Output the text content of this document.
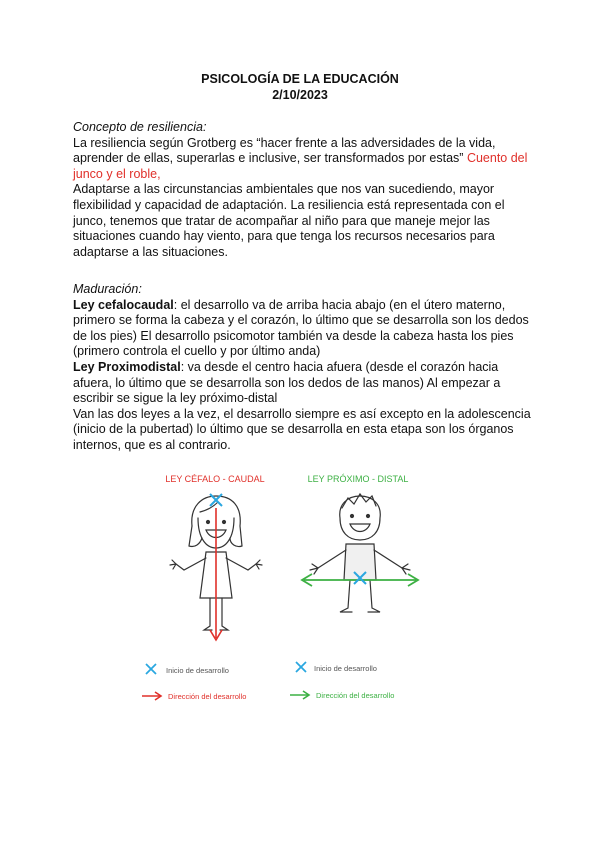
PSICOLOGÍA DE LA EDUCACIÓN
2/10/2023

Concepto de resiliencia:

La resiliencia según Grotberg es “hacer frente a las adversidades de la vida, aprender de ellas, superarlas e inclusive, ser transformados por estas” Cuento del junco y el roble,

Adaptarse a las circunstancias ambientales que nos van sucediendo, mayor flexibilidad y capacidad de adaptación. La resiliencia está representada con el junco, tenemos que tratar de acompañar al niño para que maneje mejor las situaciones cuando hay viento, para que tenga los recursos necesarios para adaptarse a las situaciones.

Maduración:

Ley cefalocaudal: el desarrollo va de arriba hacia abajo (en el útero materno, primero se forma la cabeza y el corazón, lo último que se desarrolla son los dedos de los pies) El desarrollo psicomotor también va desde la cabeza hasta los pies (primero controla el cuello y por último anda)

Ley Proximodistal: va desde el centro hacia afuera (desde el corazón hacia afuera, lo último que se desarrolla son los dedos de las manos) Al empezar a escribir se sigue la ley próximo-distal

Van las dos leyes a la vez, el desarrollo siempre es así excepto en la adolescencia (inicio de la pubertad) lo último que se desarrolla en esta etapa son los órganos internos, que es al contrario.

LEY CÉFALO - CAUDAL	LEY PRÓXIMO - DISTAL
Inicio de desarrollo
Dirección del desarrollo
Inicio de desarrollo
Dirección del desarrollo
